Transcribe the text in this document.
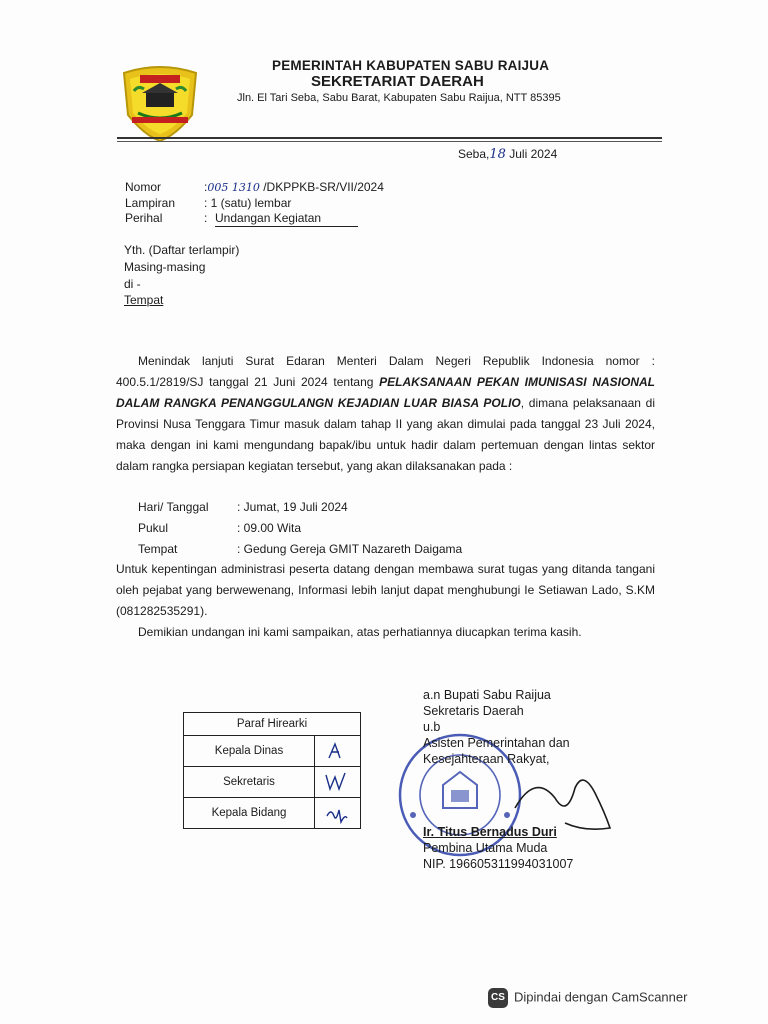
PEMERINTAH KABUPATEN SABU RAIJUA
SEKRETARIAT DAERAH
Jln. El Tari Seba, Sabu Barat, Kabupaten Sabu Raijua, NTT 85395
Seba,18 Juli 2024
Nomor	:005 1310 /DKPPKB-SR/VII/2024
Lampiran : 1 (satu) lembar
Perihal	: Undangan Kegiatan
Yth. (Daftar terlampir)
Masing-masing
di -
Tempat
Menindak lanjuti Surat Edaran Menteri Dalam Negeri Republik Indonesia nomor : 400.5.1/2819/SJ tanggal 21 Juni 2024 tentang PELAKSANAAN PEKAN IMUNISASI NASIONAL DALAM RANGKA PENANGGULANGN KEJADIAN LUAR BIASA POLIO, dimana pelaksanaan di Provinsi Nusa Tenggara Timur masuk dalam tahap II yang akan dimulai pada tanggal 23 Juli 2024, maka dengan ini kami mengundang bapak/ibu untuk hadir dalam pertemuan dengan lintas sektor dalam rangka persiapan kegiatan tersebut, yang akan dilaksanakan pada :
Hari/ Tanggal : Jumat, 19 Juli 2024
Pukul	: 09.00 Wita
Tempat	: Gedung Gereja GMIT Nazareth Daigama
Untuk kepentingan administrasi peserta datang dengan membawa surat tugas yang ditanda tangani oleh pejabat yang berwewenang, Informasi lebih lanjut dapat menghubungi Ie Setiawan Lado, S.KM (081282535291).
Demikian undangan ini kami sampaikan, atas perhatiannya diucapkan terima kasih.
Paraf Hirearki	
Kepala Dinas	
Sekretaris	
Kepala Bidang	
a.n Bupati Sabu Raijua
Sekretaris Daerah
u.b
Asisten Pemerintahan dan
Kesejahteraan Rakyat,
Ir. Titus Bernadus Duri
Pembina Utama Muda
NIP. 196605311994031007
CS Dipindai dengan CamScanner
